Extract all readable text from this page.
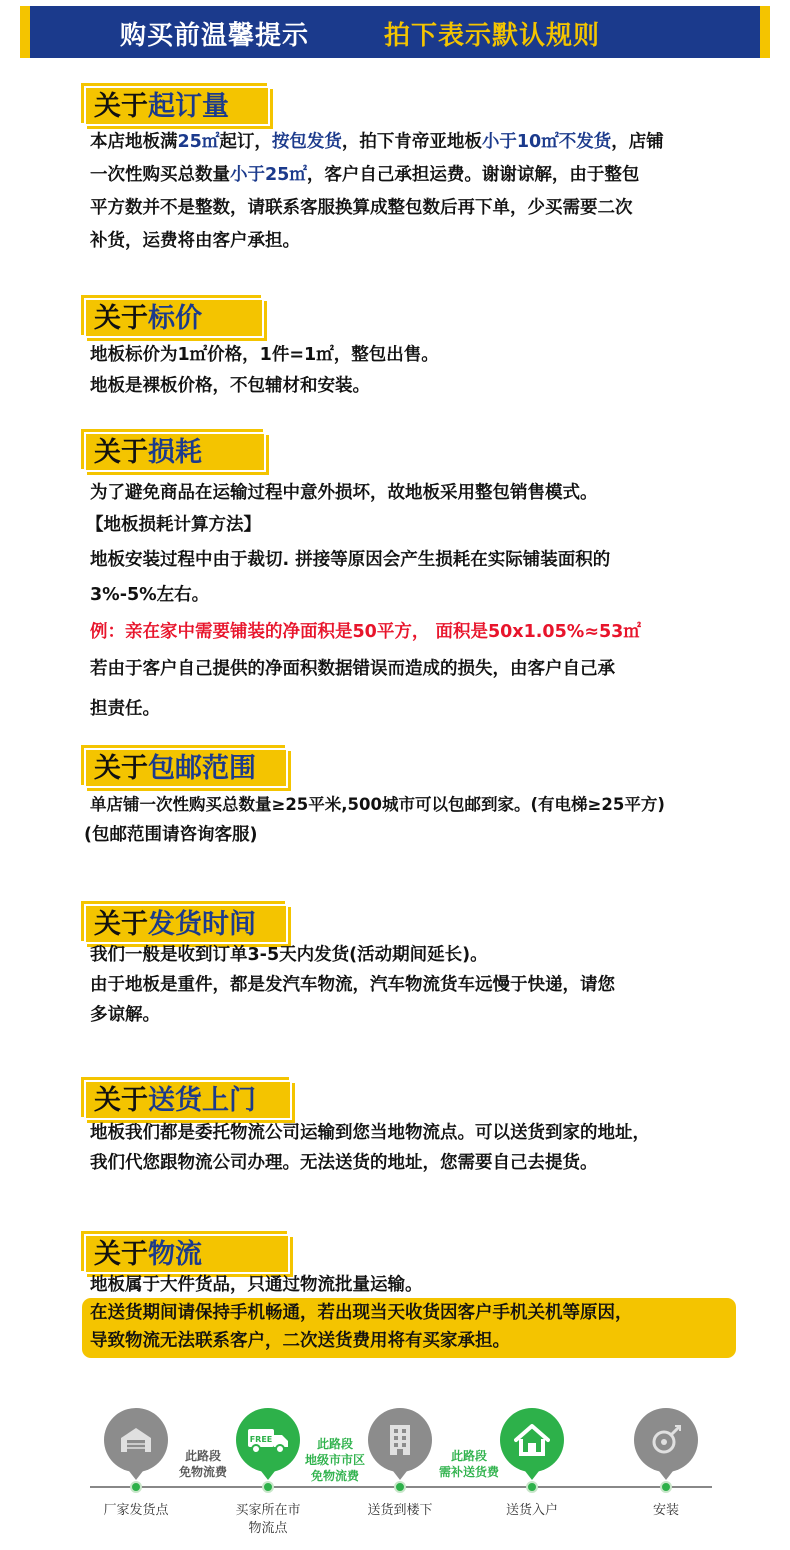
购买前温馨提示	拍下表示默认规则
关于起订量
本店地板满25㎡起订，按包发货，拍下肯帝亚地板小于10㎡不发货，店铺
一次性购买总数量小于25㎡，客户自己承担运费。谢谢谅解，由于整包
平方数并不是整数，请联系客服换算成整包数后再下单，少买需要二次
补货，运费将由客户承担。
关于标价
地板标价为1㎡价格，1件=1㎡，整包出售。
地板是裸板价格，不包辅材和安装。
关于损耗
为了避免商品在运输过程中意外损坏，故地板采用整包销售模式。
【地板损耗计算方法】
地板安装过程中由于裁切. 拼接等原因会产生损耗在实际铺装面积的
3%-5%左右。
例：亲在家中需要铺装的净面积是50平方， 面积是50x1.05%≈53㎡
若由于客户自己提供的净面积数据错误而造成的损失，由客户自己承
担责任。
关于包邮范围
单店铺一次性购买总数量≥25平米,500城市可以包邮到家。(有电梯≥25平方)
(包邮范围请咨询客服)
关于发货时间
我们一般是收到订单3-5天内发货(活动期间延长)。
由于地板是重件，都是发汽车物流，汽车物流货车远慢于快递，请您
多谅解。
关于送货上门
地板我们都是委托物流公司运输到您当地物流点。可以送货到家的地址，
我们代您跟物流公司办理。无法送货的地址，您需要自己去提货。
关于物流
地板属于大件货品，只通过物流批量运输。
在送货期间请保持手机畅通，若出现当天收货因客户手机关机等原因，
导致物流无法联系客户，二次送货费用将有买家承担。
FREE
此路段
免物流费
此路段
地级市市区
免物流费
此路段
需补送货费
厂家发货点	买家所在市
物流点
送货到楼下	送货入户	安装
